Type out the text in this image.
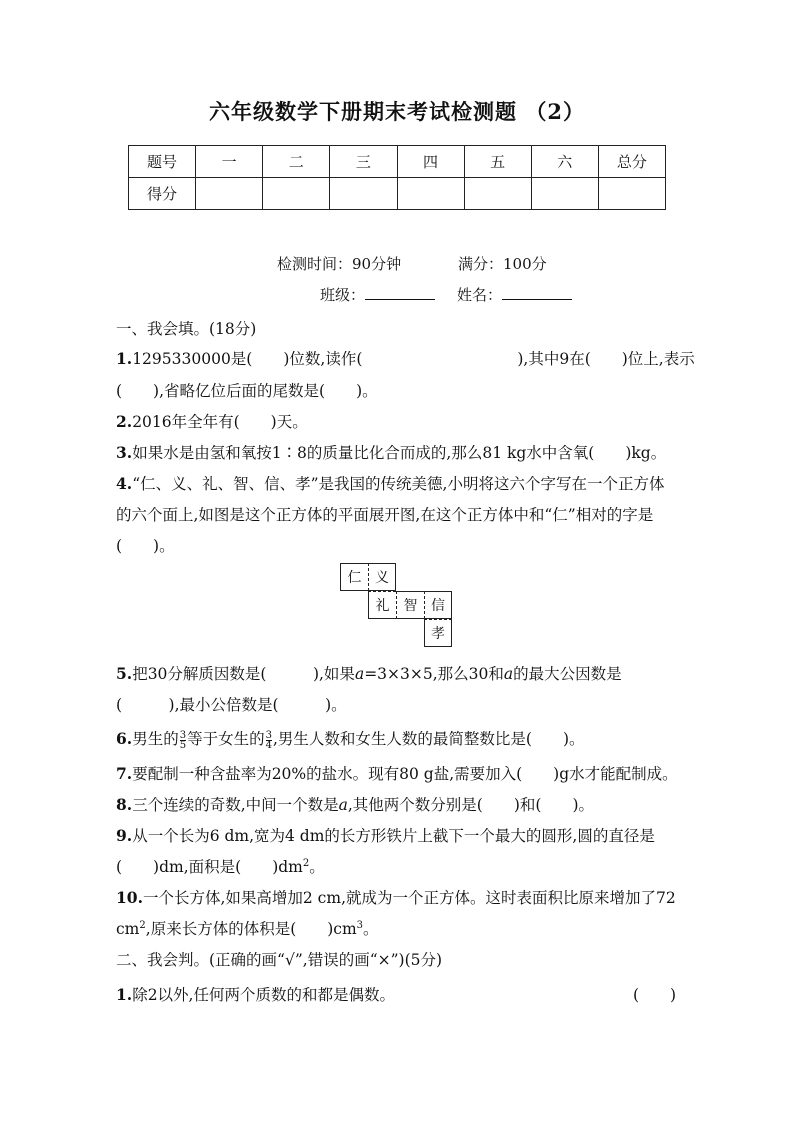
六年级数学下册期末考试检测题 （2）
题号	一	二	三	四	五	六	总分
得分							
检测时间：90分钟	满分：100分
班级：	姓名：
一、我会填。(18分)
1.1295330000是(　　)位数,读作(　　　　　　　　　　),其中9在(　　)位上,表示
(　　),省略亿位后面的尾数是(　　)。
2.2016年全年有(　　)天。
3.如果水是由氢和氧按1∶8的质量比化合而成的,那么81 kg水中含氧(　　)kg。
4.“仁、义、礼、智、信、孝”是我国的传统美德,小明将这六个字写在一个正方体
的六个面上,如图是这个正方体的平面展开图,在这个正方体中和“仁”相对的字是
(　　)。
仁 义
礼	智 信
孝
5.把30分解质因数是(　　　),如果a=3×3×5,那么30和a的最大公因数是
(　　　),最小公倍数是(　　　)。
6.男生的 $\frac{3}{5}$ 等于女生的 $\frac{3}{4}$ ,男生人数和女生人数的最简整数比是(　　)。
7.要配制一种含盐率为20%的盐水。现有80 g盐,需要加入(　　)g水才能配制成。
8.三个连续的奇数,中间一个数是a,其他两个数分别是(　　)和(　　)。
9.从一个长为6 dm,宽为4 dm的长方形铁片上截下一个最大的圆形,圆的直径是
(　　)dm,面积是(　　)$dm^2$。
10.一个长方体,如果高增加2 cm,就成为一个正方体。这时表面积比原来增加了72
$cm^2$,原来长方体的体积是(　　)$cm^3$。
二、我会判。(正确的画“√”,错误的画“×”)(5分)
1.除2以外,任何两个质数的和都是偶数。	(　　)
